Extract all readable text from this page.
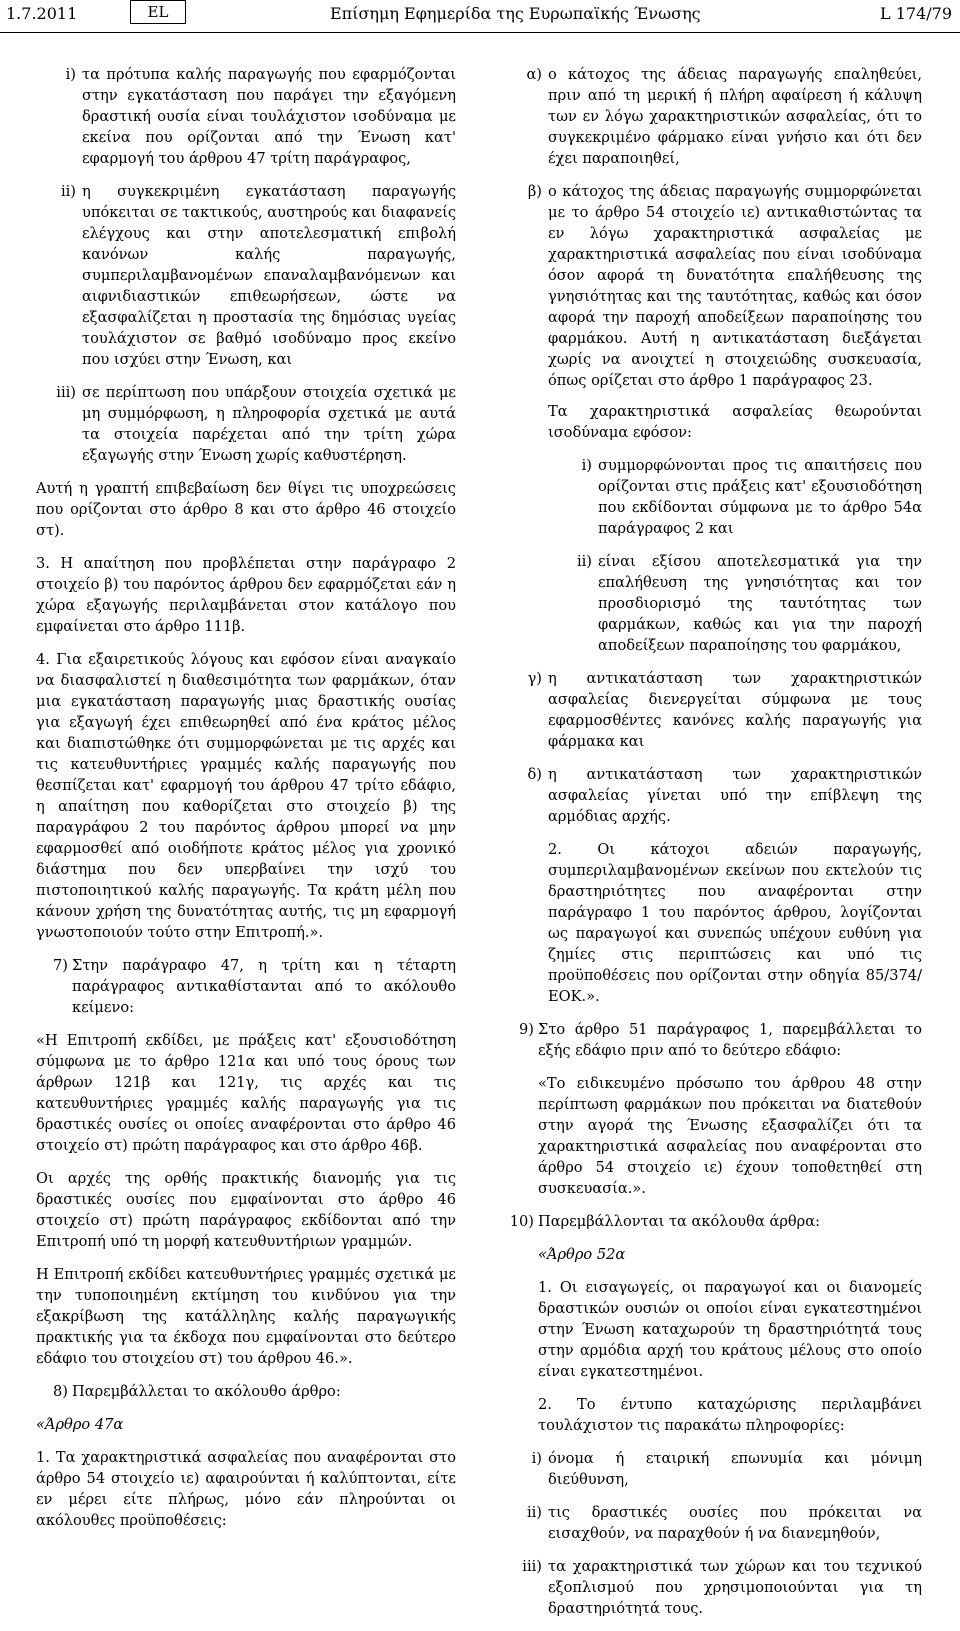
1.7.2011	EL	Επίσημη Εφημερίδα της Ευρωπαϊκής Ένωσης	L 174/79
i) τα πρότυπα καλής παραγωγής που εφαρμόζονται στην εγκατάσταση που παράγει την εξαγόμενη δραστική ουσία είναι τουλάχιστον ισοδύναμα με εκείνα που ορίζονται από την Ένωση κατ' εφαρμογή του άρθρου 47 τρίτη παράγραφος,

ii) η συγκεκριμένη εγκατάσταση παραγωγής υπόκειται σε τακτικούς, αυστηρούς και διαφανείς ελέγχους και στην αποτελεσματική επιβολή κανόνων καλής παραγωγής, συμπεριλαμβανομένων επαναλαμβανόμενων και αιφνιδιαστικών επιθεωρήσεων, ώστε να εξασφαλίζεται η προστασία της δημόσιας υγείας τουλάχιστον σε βαθμό ισοδύναμο προς εκείνο που ισχύει στην Ένωση, και

iii) σε περίπτωση που υπάρξουν στοιχεία σχετικά με μη συμμόρφωση, η πληροφορία σχετικά με αυτά τα στοιχεία παρέχεται από την τρίτη χώρα εξαγωγής στην Ένωση χωρίς καθυστέρηση.

Αυτή η γραπτή επιβεβαίωση δεν θίγει τις υποχρεώσεις που ορίζονται στο άρθρο 8 και στο άρθρο 46 στοιχείο στ).

3. Η απαίτηση που προβλέπεται στην παράγραφο 2 στοιχείο β) του παρόντος άρθρου δεν εφαρμόζεται εάν η χώρα εξαγωγής περιλαμβάνεται στον κατάλογο που εμφαίνεται στο άρθρο 111β.

4. Για εξαιρετικούς λόγους και εφόσον είναι αναγκαίο να διασφαλιστεί η διαθεσιμότητα των φαρμάκων, όταν μια εγκατάσταση παραγωγής μιας δραστικής ουσίας για εξαγωγή έχει επιθεωρηθεί από ένα κράτος μέλος και διαπιστώθηκε ότι συμμορφώνεται με τις αρχές και τις κατευθυντήριες γραμμές καλής παραγωγής που θεσπίζεται κατ' εφαρμογή του άρθρου 47 τρίτο εδάφιο, η απαίτηση που καθορίζεται στο στοιχείο β) της παραγράφου 2 του παρόντος άρθρου μπορεί να μην εφαρμοσθεί από οιοδήποτε κράτος μέλος για χρονικό διάστημα που δεν υπερβαίνει την ισχύ του πιστοποιητικού καλής παραγωγής. Τα κράτη μέλη που κάνουν χρήση της δυνατότητας αυτής, τις μη εφαρμογή γνωστοποιούν τούτο στην Επιτροπή.».

7) Στην παράγραφο 47, η τρίτη και η τέταρτη παράγραφος αντικαθίστανται από το ακόλουθο κείμενο:

«Η Επιτροπή εκδίδει, με πράξεις κατ' εξουσιοδότηση σύμφωνα με το άρθρο 121α και υπό τους όρους των άρθρων 121β και 121γ, τις αρχές και τις κατευθυντήριες γραμμές καλής παραγωγής για τις δραστικές ουσίες οι οποίες αναφέρονται στο άρθρο 46 στοιχείο στ) πρώτη παράγραφος και στο άρθρο 46β.

Οι αρχές της ορθής πρακτικής διανομής για τις δραστικές ουσίες που εμφαίνονται στο άρθρο 46 στοιχείο στ) πρώτη παράγραφος εκδίδονται από την Επιτροπή υπό τη μορφή κατευθυντήριων γραμμών.

Η Επιτροπή εκδίδει κατευθυντήριες γραμμές σχετικά με την τυποποιημένη εκτίμηση του κινδύνου για την εξακρίβωση της κατάλληλης καλής παραγωγικής πρακτικής για τα έκδοχα που εμφαίνονται στο δεύτερο εδάφιο του στοιχείου στ) του άρθρου 46.».

8) Παρεμβάλλεται το ακόλουθο άρθρο:

«Άρθρο 47α

1. Τα χαρακτηριστικά ασφαλείας που αναφέρονται στο άρθρο 54 στοιχείο ιε) αφαιρούνται ή καλύπτονται, είτε εν μέρει είτε πλήρως, μόνο εάν πληρούνται οι ακόλουθες προϋποθέσεις:

α) ο κάτοχος της άδειας παραγωγής επαληθεύει, πριν από τη μερική ή πλήρη αφαίρεση ή κάλυψη των εν λόγω χαρακτηριστικών ασφαλείας, ότι το συγκεκριμένο φάρμακο είναι γνήσιο και ότι δεν έχει παραποιηθεί,

β) ο κάτοχος της άδειας παραγωγής συμμορφώνεται με το άρθρο 54 στοιχείο ιε) αντικαθιστώντας τα εν λόγω χαρακτηριστικά ασφαλείας με χαρακτηριστικά ασφαλείας που είναι ισοδύναμα όσον αφορά τη δυνατότητα επαλήθευσης της γνησιότητας και της ταυτότητας, καθώς και όσον αφορά την παροχή αποδείξεων παραποίησης του φαρμάκου. Αυτή η αντικατάσταση διεξάγεται χωρίς να ανοιχτεί η στοιχειώδης συσκευασία, όπως ορίζεται στο άρθρο 1 παράγραφος 23.

Τα χαρακτηριστικά ασφαλείας θεωρούνται ισοδύναμα εφόσον:

i) συμμορφώνονται προς τις απαιτήσεις που ορίζονται στις πράξεις κατ' εξουσιοδότηση που εκδίδονται σύμφωνα με το άρθρο 54α παράγραφος 2 και

ii) είναι εξίσου αποτελεσματικά για την επαλήθευση της γνησιότητας και τον προσδιορισμό της ταυτότητας των φαρμάκων, καθώς και για την παροχή αποδείξεων παραποίησης του φαρμάκου,

γ) η αντικατάσταση των χαρακτηριστικών ασφαλείας διενεργείται σύμφωνα με τους εφαρμοσθέντες κανόνες καλής παραγωγής για φάρμακα και

δ) η αντικατάσταση των χαρακτηριστικών ασφαλείας γίνεται υπό την επίβλεψη της αρμόδιας αρχής.

2. Οι κάτοχοι αδειών παραγωγής, συμπεριλαμβανομένων εκείνων που εκτελούν τις δραστηριότητες που αναφέρονται στην παράγραφο 1 του παρόντος άρθρου, λογίζονται ως παραγωγοί και συνεπώς υπέχουν ευθύνη για ζημίες στις περιπτώσεις και υπό τις προϋποθέσεις που ορίζονται στην οδηγία 85/374/ΕΟΚ.».

9) Στο άρθρο 51 παράγραφος 1, παρεμβάλλεται το εξής εδάφιο πριν από το δεύτερο εδάφιο:

«Το ειδικευμένο πρόσωπο του άρθρου 48 στην περίπτωση φαρμάκων που πρόκειται να διατεθούν στην αγορά της Ένωσης εξασφαλίζει ότι τα χαρακτηριστικά ασφαλείας που αναφέρονται στο άρθρο 54 στοιχείο ιε) έχουν τοποθετηθεί στη συσκευασία.».

10) Παρεμβάλλονται τα ακόλουθα άρθρα:

«Άρθρο 52α

1. Οι εισαγωγείς, οι παραγωγοί και οι διανομείς δραστικών ουσιών οι οποίοι είναι εγκατεστημένοι στην Ένωση καταχωρούν τη δραστηριότητά τους στην αρμόδια αρχή του κράτους μέλους στο οποίο είναι εγκατεστημένοι.

2. Το έντυπο καταχώρισης περιλαμβάνει τουλάχιστον τις παρακάτω πληροφορίες:

i) όνομα ή εταιρική επωνυμία και μόνιμη διεύθυνση,

ii) τις δραστικές ουσίες που πρόκειται να εισαχθούν, να παραχθούν ή να διανεμηθούν,

iii) τα χαρακτηριστικά των χώρων και του τεχνικού εξοπλισμού που χρησιμοποιούνται για τη δραστηριότητά τους.
